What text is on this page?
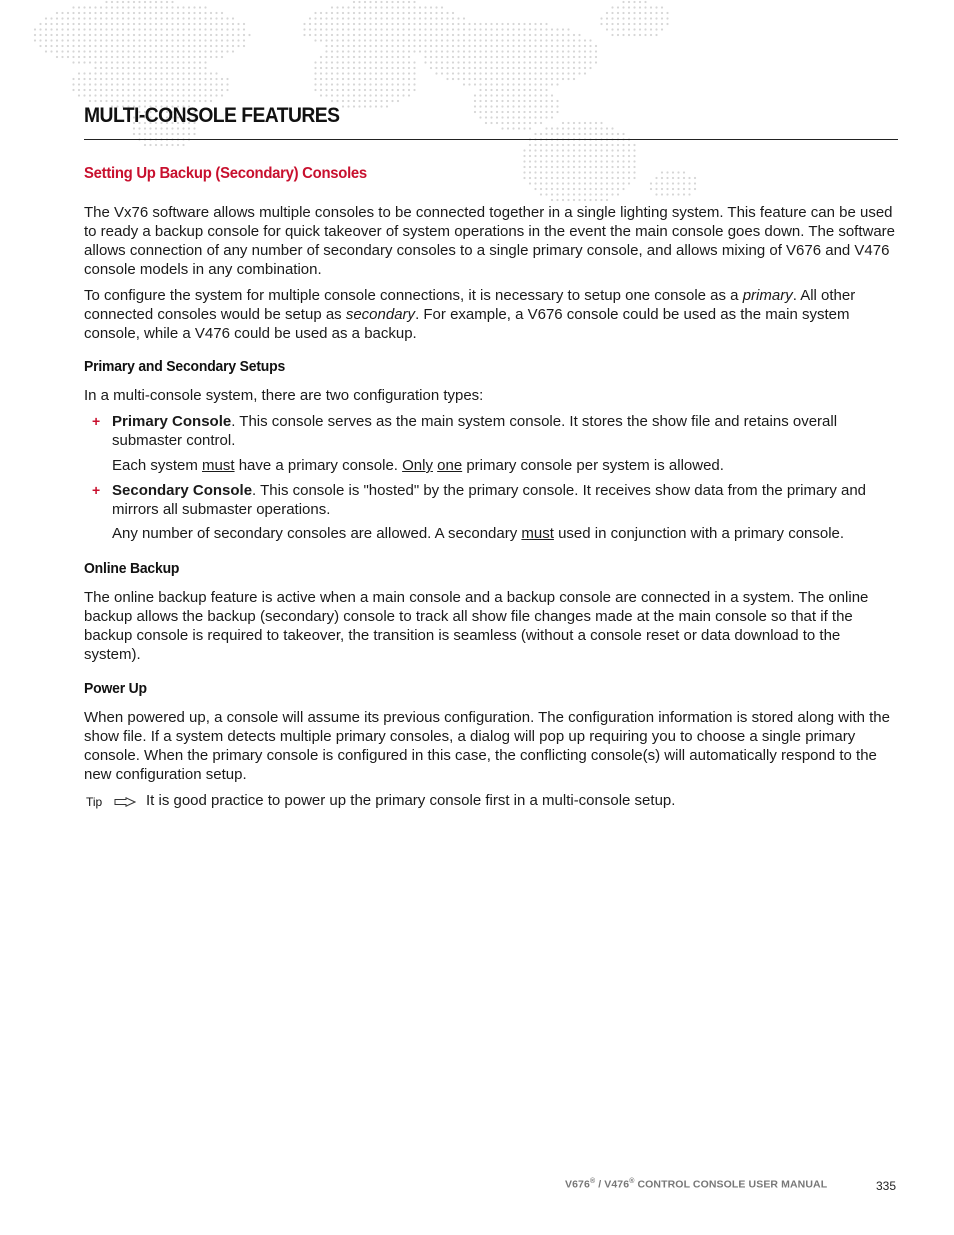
MULTI-CONSOLE FEATURES
Setting Up Backup (Secondary) Consoles

The Vx76 software allows multiple consoles to be connected together in a single lighting system. This feature can be used to ready a backup console for quick takeover of system operations in the event the main console goes down. The software allows connection of any number of secondary consoles to a single primary console, and allows mixing of V676 and V476 console models in any combination.

To configure the system for multiple console connections, it is necessary to setup one console as a primary. All other connected consoles would be setup as secondary. For example, a V676 console could be used as the main system console, while a V476 could be used as a backup.

Primary and Secondary Setups

In a multi-console system, there are two configuration types:

+ Primary Console. This console serves as the main system console. It stores the show file and retains overall submaster control.

Each system must have a primary console. Only one primary console per system is allowed.

+ Secondary Console. This console is "hosted" by the primary console. It receives show data from the primary and mirrors all submaster operations.

Any number of secondary consoles are allowed. A secondary must used in conjunction with a primary console.

Online Backup

The online backup feature is active when a main console and a backup console are connected in a system. The online backup allows the backup (secondary) console to track all show file changes made at the main console so that if the backup console is required to takeover, the transition is seamless (without a console reset or data download to the system).

Power Up

When powered up, a console will assume its previous configuration. The configuration information is stored along with the show file. If a system detects multiple primary consoles, a dialog will pop up requiring you to choose a single primary console. When the primary console is configured in this case, the conflicting console(s) will automatically respond to the new configuration setup.

Tip	It is good practice to power up the primary console first in a multi-console setup.
V676® / V476® CONTROL CONSOLE USER MANUAL	335
